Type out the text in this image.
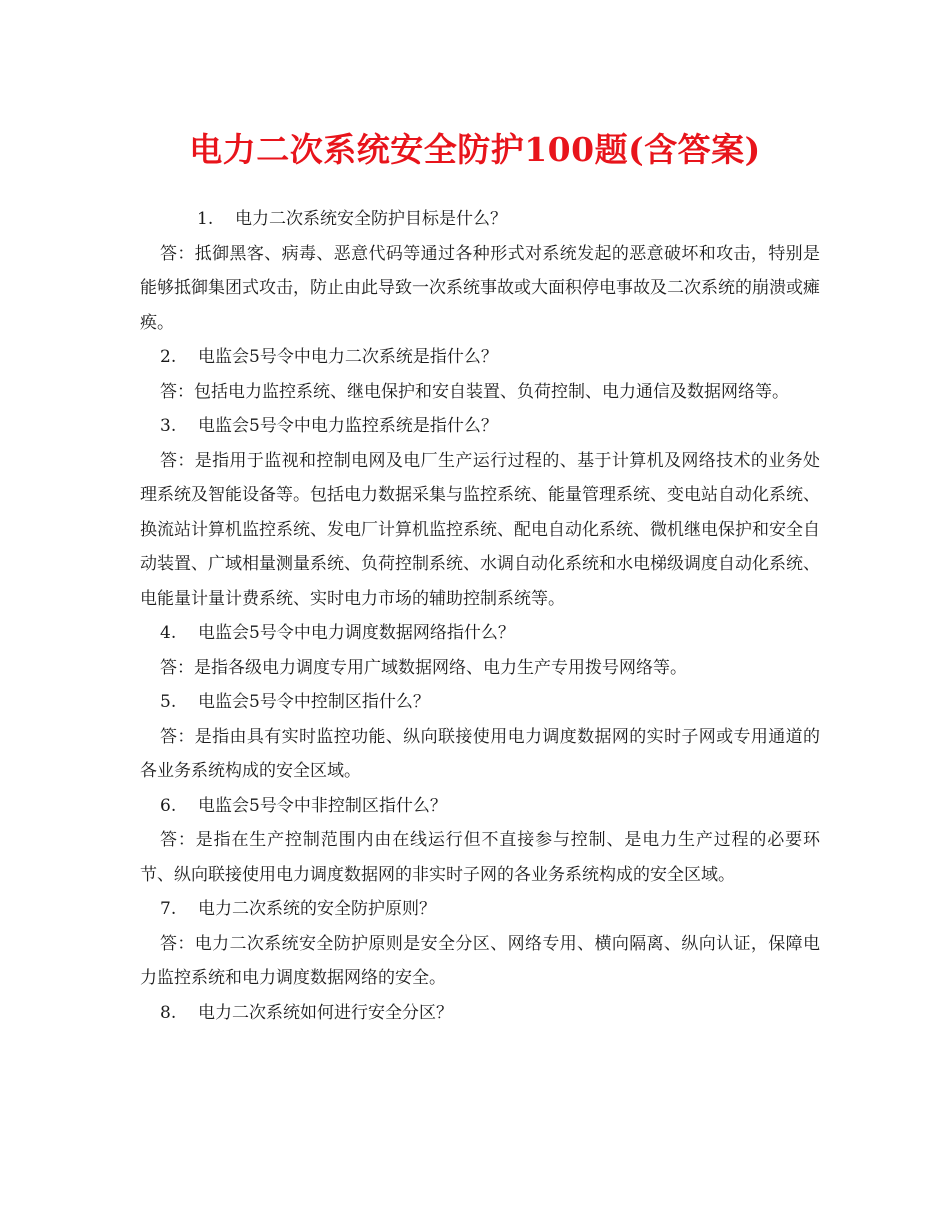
电力二次系统安全防护100题(含答案)
1. 电力二次系统安全防护目标是什么？
答：抵御黑客、病毒、恶意代码等通过各种形式对系统发起的恶意破坏和攻击，特别是能够抵御集团式攻击，防止由此导致一次系统事故或大面积停电事故及二次系统的崩溃或瘫痪。
2. 电监会5号令中电力二次系统是指什么？
答：包括电力监控系统、继电保护和安自装置、负荷控制、电力通信及数据网络等。
3. 电监会5号令中电力监控系统是指什么？
答：是指用于监视和控制电网及电厂生产运行过程的、基于计算机及网络技术的业务处理系统及智能设备等。包括电力数据采集与监控系统、能量管理系统、变电站自动化系统、换流站计算机监控系统、发电厂计算机监控系统、配电自动化系统、微机继电保护和安全自动装置、广域相量测量系统、负荷控制系统、水调自动化系统和水电梯级调度自动化系统、电能量计量计费系统、实时电力市场的辅助控制系统等。
4. 电监会5号令中电力调度数据网络指什么？
答：是指各级电力调度专用广域数据网络、电力生产专用拨号网络等。
5. 电监会5号令中控制区指什么？
答：是指由具有实时监控功能、纵向联接使用电力调度数据网的实时子网或专用通道的各业务系统构成的安全区域。
6. 电监会5号令中非控制区指什么？
答：是指在生产控制范围内由在线运行但不直接参与控制、是电力生产过程的必要环节、纵向联接使用电力调度数据网的非实时子网的各业务系统构成的安全区域。
7. 电力二次系统的安全防护原则？
答：电力二次系统安全防护原则是安全分区、网络专用、横向隔离、纵向认证，保障电力监控系统和电力调度数据网络的安全。
8. 电力二次系统如何进行安全分区？
